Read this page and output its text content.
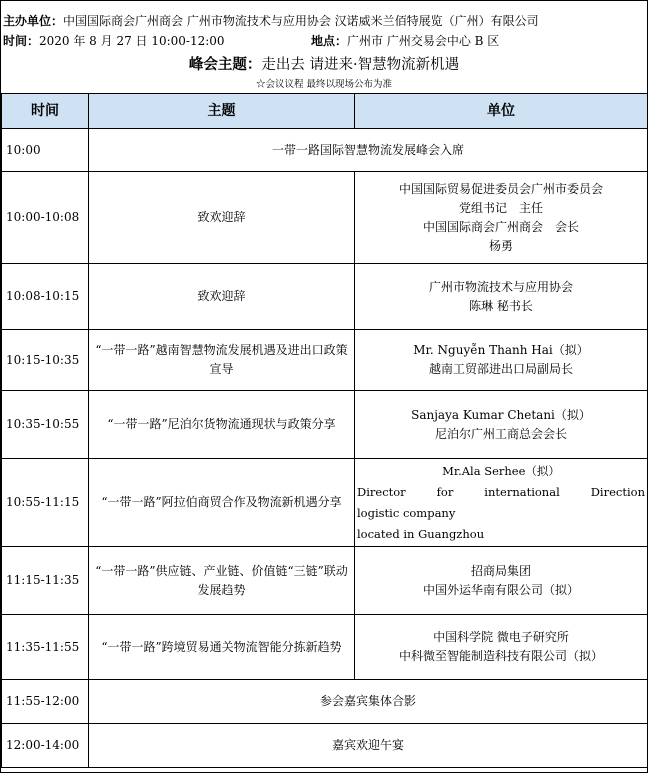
主办单位：中国国际商会广州商会 广州市物流技术与应用协会 汉诺威米兰佰特展览（广州）有限公司
时间：2020 年 8 月 27 日 10:00-12:00	地点：广州市 广州交易会中心 B 区
峰会主题：走出去 请进来·智慧物流新机遇
☆会议议程 最终以现场公布为准
时间	主题	单位
10:00	一带一路国际智慧物流发展峰会入席	
10:00-10:08	致欢迎辞	中国国际贸易促进委员会广州市委员会
党组书记　主任
中国国际商会广州商会　会长
杨勇

10:08-10:15	致欢迎辞	广州市物流技术与应用协会
陈琳 秘书长

10:15-10:35	“一带一路”越南智慧物流发展机遇及进出口政策宣导	Mr. Nguyễn Thanh Hai（拟）
越南工贸部进出口局副局长

10:35-10:55	“一带一路”尼泊尔货物流通现状与政策分享	Sanjaya Kumar Chetani（拟）
尼泊尔广州工商总会会长

10:55-11:15	“一带一路”阿拉伯商贸合作及物流新机遇分享	Mr.Ala Serhee（拟）
Director for international Direction
logistic company
located in Guangzhou

11:15-11:35	“一带一路”供应链、产业链、价值链“三链”联动发展趋势	招商局集团
中国外运华南有限公司（拟）

11:35-11:55	“一带一路”跨境贸易通关物流智能分拣新趋势	中国科学院 微电子研究所
中科微至智能制造科技有限公司（拟）

11:55-12:00	参会嘉宾集体合影	
12:00-14:00	嘉宾欢迎午宴	
